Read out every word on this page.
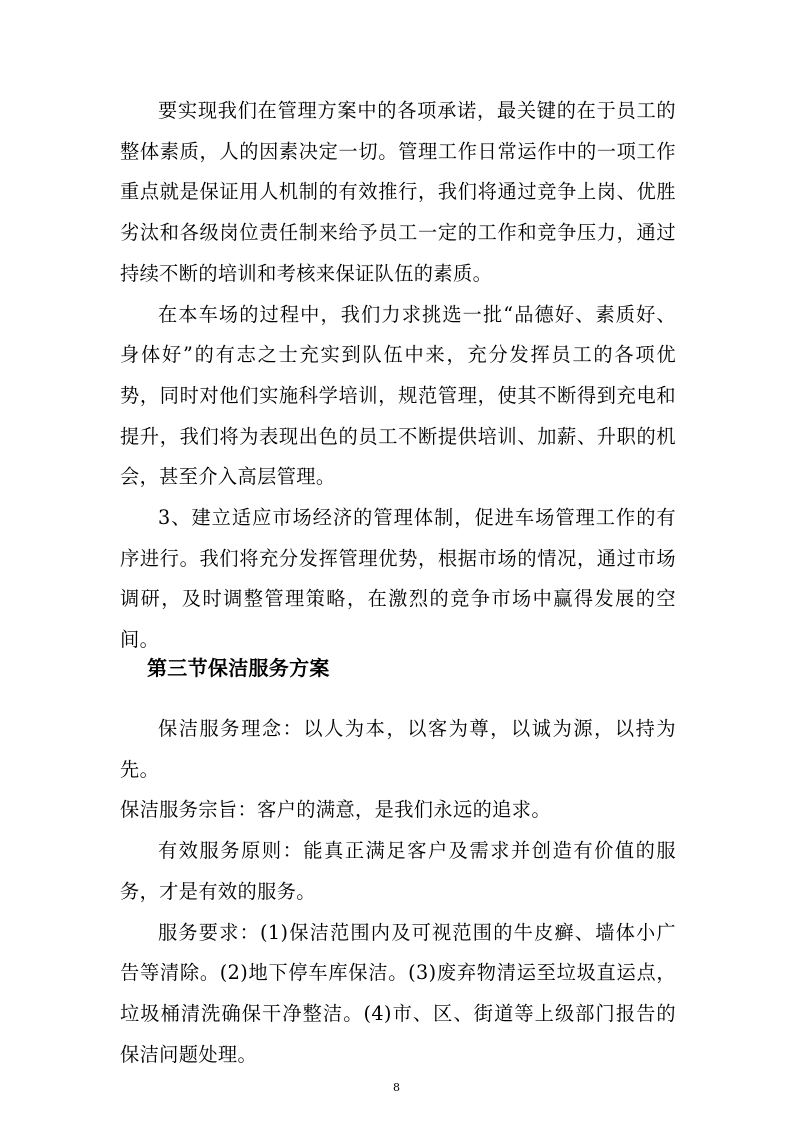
要实现我们在管理方案中的各项承诺，最关键的在于员工的整体素质，人的因素决定一切。管理工作日常运作中的一项工作重点就是保证用人机制的有效推行，我们将通过竞争上岗、优胜劣汰和各级岗位责任制来给予员工一定的工作和竞争压力，通过持续不断的培训和考核来保证队伍的素质。

在本车场的过程中，我们力求挑选一批“品德好、素质好、身体好”的有志之士充实到队伍中来，充分发挥员工的各项优势，同时对他们实施科学培训，规范管理，使其不断得到充电和提升，我们将为表现出色的员工不断提供培训、加薪、升职的机会，甚至介入高层管理。

3、建立适应市场经济的管理体制，促进车场管理工作的有序进行。我们将充分发挥管理优势，根据市场的情况，通过市场调研，及时调整管理策略，在激烈的竞争市场中赢得发展的空间。

第三节保洁服务方案

保洁服务理念：以人为本，以客为尊，以诚为源，以持为先。

保洁服务宗旨：客户的满意，是我们永远的追求。

有效服务原则：能真正满足客户及需求并创造有价值的服务，才是有效的服务。

服务要求：(1)保洁范围内及可视范围的牛皮癣、墙体小广告等清除。(2)地下停车库保洁。(3)废弃物清运至垃圾直运点，垃圾桶清洗确保干净整洁。(4)市、区、街道等上级部门报告的保洁问题处理。

8
